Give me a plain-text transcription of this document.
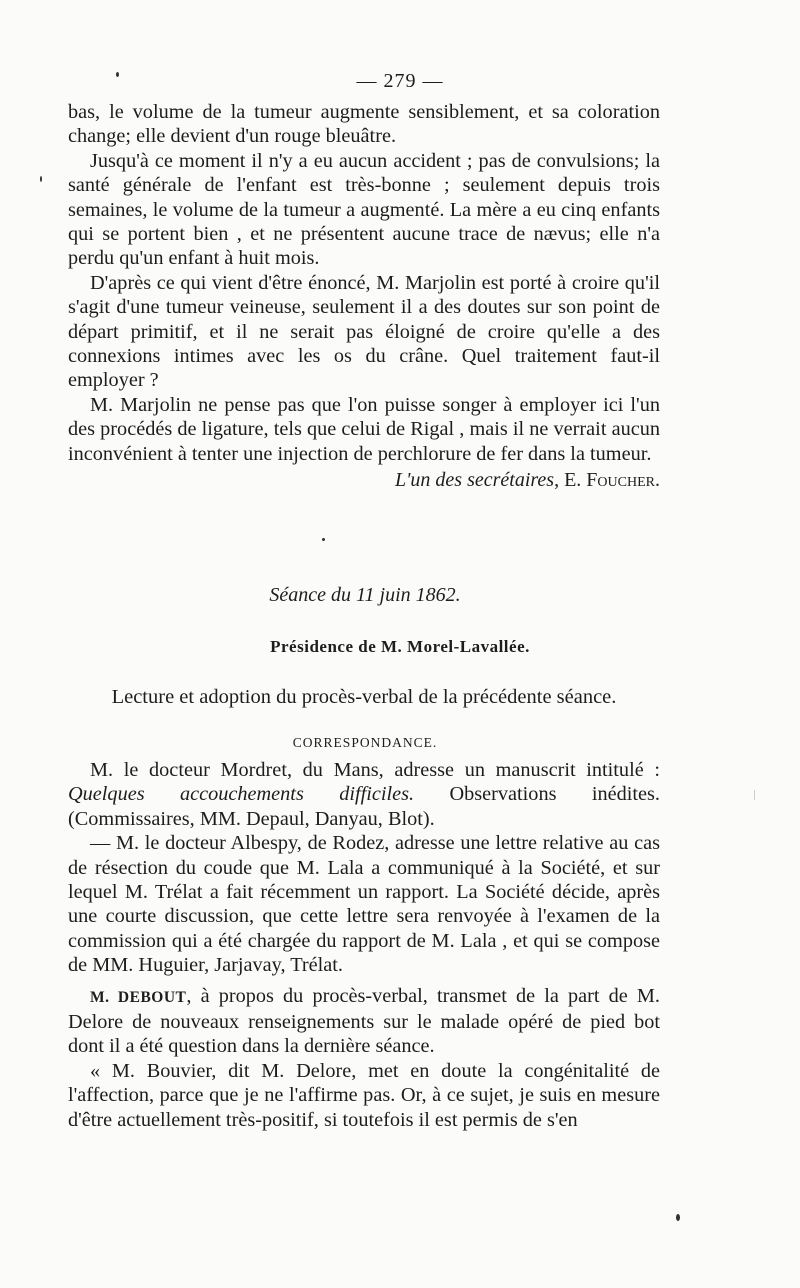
— 279 —

bas, le volume de la tumeur augmente sensiblement, et sa coloration change; elle devient d'un rouge bleuâtre.

Jusqu'à ce moment il n'y a eu aucun accident ; pas de convulsions; la santé générale de l'enfant est très-bonne ; seulement depuis trois semaines, le volume de la tumeur a augmenté. La mère a eu cinq enfants qui se portent bien , et ne présentent aucune trace de nævus; elle n'a perdu qu'un enfant à huit mois.

D'après ce qui vient d'être énoncé, M. Marjolin est porté à croire qu'il s'agit d'une tumeur veineuse, seulement il a des doutes sur son point de départ primitif, et il ne serait pas éloigné de croire qu'elle a des connexions intimes avec les os du crâne. Quel traitement faut-il employer ?

M. Marjolin ne pense pas que l'on puisse songer à employer ici l'un des procédés de ligature, tels que celui de Rigal , mais il ne verrait aucun inconvénient à tenter une injection de perchlorure de fer dans la tumeur.

L'un des secrétaires, E. Foucher.

Séance du 11 juin 1862.
Présidence de M. Morel-Lavallée.
Lecture et adoption du procès-verbal de la précédente séance.
CORRESPONDANCE.

M. le docteur Mordret, du Mans, adresse un manuscrit intitulé : Quelques accouchements difficiles. Observations inédites. (Commissaires, MM. Depaul, Danyau, Blot).

— M. le docteur Albespy, de Rodez, adresse une lettre relative au cas de résection du coude que M. Lala a communiqué à la Société, et sur lequel M. Trélat a fait récemment un rapport. La Société décide, après une courte discussion, que cette lettre sera renvoyée à l'examen de la commission qui a été chargée du rapport de M. Lala , et qui se compose de MM. Huguier, Jarjavay, Trélat.

M. DEBOUT, à propos du procès-verbal, transmet de la part de M. Delore de nouveaux renseignements sur le malade opéré de pied bot dont il a été question dans la dernière séance.

« M. Bouvier, dit M. Delore, met en doute la congénitalité de l'affection, parce que je ne l'affirme pas. Or, à ce sujet, je suis en mesure d'être actuellement très-positif, si toutefois il est permis de s'en
